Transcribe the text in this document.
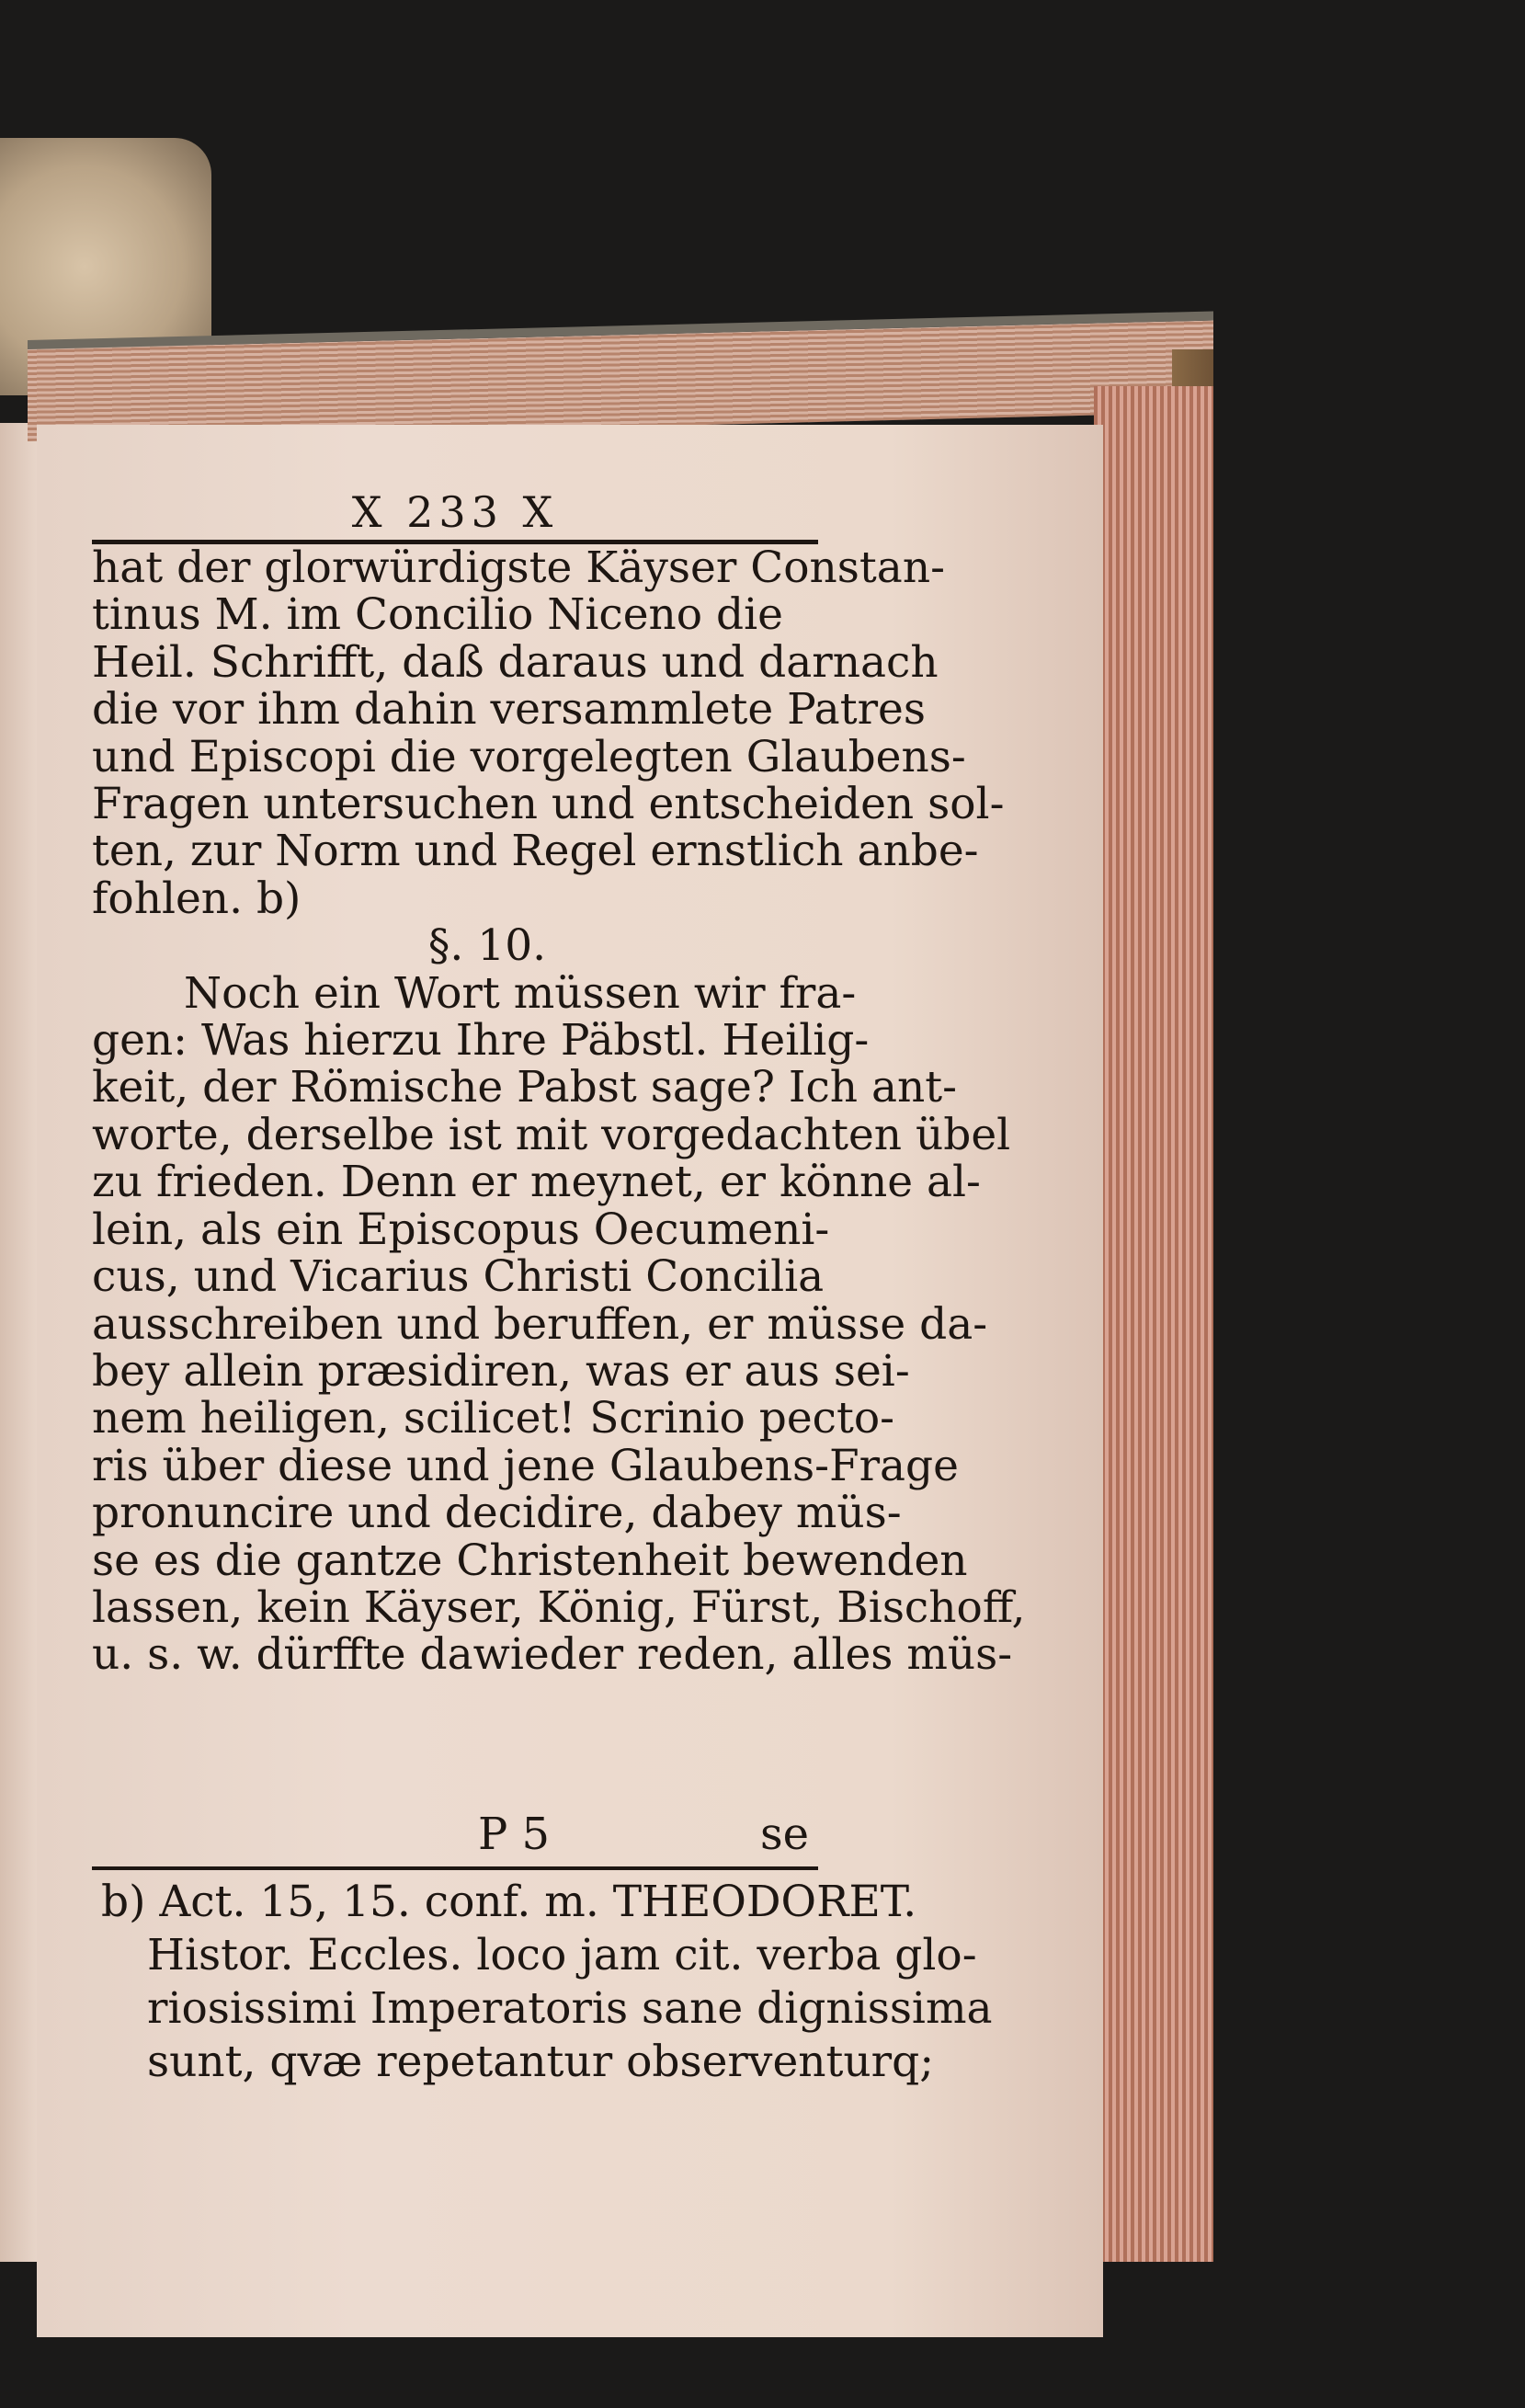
X 233 X
hat der glorwürdigste Käyser Constan-
tinus M. im Concilio Niceno die
Heil. Schrifft, daß daraus und darnach
die vor ihm dahin versammlete Patres
und Episcopi die vorgelegten Glaubens-
Fragen untersuchen und entscheiden sol-
ten, zur Norm und Regel ernstlich anbe-
fohlen. b)
§. 10.
Noch ein Wort müssen wir fra-
gen: Was hierzu Ihre Päbstl. Heilig-
keit, der Römische Pabst sage? Ich ant-
worte, derselbe ist mit vorgedachten übel
zu frieden. Denn er meynet, er könne al-
lein, als ein Episcopus Oecumeni-
cus, und Vicarius Christi Concilia
ausschreiben und beruffen, er müsse da-
bey allein præsidiren, was er aus sei-
nem heiligen, scilicet! Scrinio pecto-
ris über diese und jene Glaubens-Frage
pronuncire und decidire, dabey müs-
se es die gantze Christenheit bewenden
lassen, kein Käyser, König, Fürst, Bischoff,
u. s. w. dürffte dawieder reden, alles müs-
P 5	se
b) Act. 15, 15. conf. m. THEODORET.
Histor. Eccles. loco jam cit. verba glo-
riosissimi Imperatoris sane dignissima
sunt, qvæ repetantur observenturq;
